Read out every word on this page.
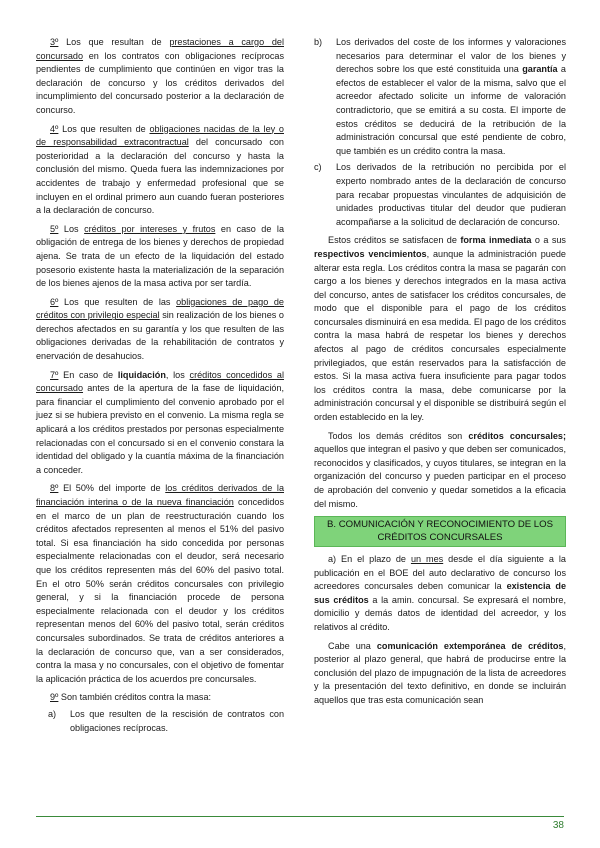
3º Los que resultan de prestaciones a cargo del concursado en los contratos con obligaciones recíprocas pendientes de cumplimiento que continúen en vigor tras la declaración de concurso y los créditos derivados del incumplimiento del concursado posterior a la declaración de concurso.

4º Los que resulten de obligaciones nacidas de la ley o de responsabilidad extracontractual del concursado con posterioridad a la declaración del concurso y hasta la conclusión del mismo. Queda fuera las indemnizaciones por accidentes de trabajo y enfermedad profesional que se incluyen en el ordinal primero aun cuando fueran posteriores a la declaración de concurso.

5º Los créditos por intereses y frutos en caso de la obligación de entrega de los bienes y derechos de propiedad ajena. Se trata de un efecto de la liquidación del estado posesorio existente hasta la materialización de la separación de los bienes ajenos de la masa activa por ser tardía.

6º Los que resulten de las obligaciones de pago de créditos con privilegio especial sin realización de los bienes o derechos afectados en su garantía y los que resulten de las obligaciones derivadas de la rehabilitación de contratos y enervación de desahucios.

7º En caso de liquidación, los créditos concedidos al concursado antes de la apertura de la fase de liquidación, para financiar el cumplimiento del convenio aprobado por el juez si se hubiera previsto en el convenio. La misma regla se aplicará a los créditos prestados por personas especialmente relacionadas con el concursado si en el convenio constara la identidad del obligado y la cuantía máxima de la financiación a conceder.

8º El 50% del importe de los créditos derivados de la financiación interina o de la nueva financiación concedidos en el marco de un plan de reestructuración cuando los créditos afectados representen al menos el 51% del pasivo total. Si esa financiación ha sido concedida por personas especialmente relacionadas con el deudor, será necesario que los créditos representen más del 60% del pasivo total. En el otro 50% serán créditos concursales con privilegio general, y si la financiación procede de persona especialmente relacionada con el deudor y los créditos representan menos del 60% del pasivo total, serán créditos concursales subordinados. Se trata de créditos anteriores a la declaración de concurso que, van a ser considerados, contra la masa y no concursales, con el objetivo de fomentar la aplicación práctica de los acuerdos pre concursales.

9º Son también créditos contra la masa:

a)	Los que resulten de la rescisión de contratos con obligaciones recíprocas.
b)	Los derivados del coste de los informes y valoraciones necesarios para determinar el valor de los bienes y derechos sobre los que esté constituida una garantía a efectos de establecer el valor de la misma, salvo que el acreedor afectado solicite un informe de valoración contradictorio, que se emitirá a su costa. El importe de estos créditos se deducirá de la retribución de la administración concursal que esté pendiente de cobro, que también es un crédito contra la masa.
c)	Los derivados de la retribución no percibida por el experto nombrado antes de la declaración de concurso para recabar propuestas vinculantes de adquisición de unidades productivas titular del deudor que pudieran acompañarse a la solicitud de declaración de concurso.

Estos créditos se satisfacen de forma inmediata o a sus respectivos vencimientos, aunque la administración puede alterar esta regla. Los créditos contra la masa se pagarán con cargo a los bienes y derechos integrados en la masa activa del concurso, antes de satisfacer los créditos concursales, de modo que el disponible para el pago de los créditos concursales disminuirá en esa medida. El pago de los créditos contra la masa habrá de respetar los bienes y derechos afectos al pago de créditos concursales especialmente privilegiados, que están reservados para la satisfacción de estos. Si la masa activa fuera insuficiente para pagar todos los créditos contra la masa, debe comunicarse por la administración concursal y el disponible se distribuirá según el orden establecido en la ley.

Todos los demás créditos son créditos concursales; aquellos que integran el pasivo y que deben ser comunicados, reconocidos y clasificados, y cuyos titulares, se integran en la organización del concurso y pueden participar en el proceso de aprobación del convenio y quedar sometidos a la eficacia del mismo.

B. COMUNICACIÓN Y RECONOCIMIENTO DE LOS CRÉDITOS CONCURSALES

a) En el plazo de un mes desde el día siguiente a la publicación en el BOE del auto declarativo de concurso los acreedores concursales deben comunicar la existencia de sus créditos a la amin. concursal. Se expresará el nombre, domicilio y demás datos de identidad del acreedor, y los relativos al crédito.

Cabe una comunicación extemporánea de créditos, posterior al plazo general, que habrá de producirse entre la conclusión del plazo de impugnación de la lista de acreedores y la presentación del texto definitivo, en donde se incluirán aquellos que tras esta comunicación sean

38
